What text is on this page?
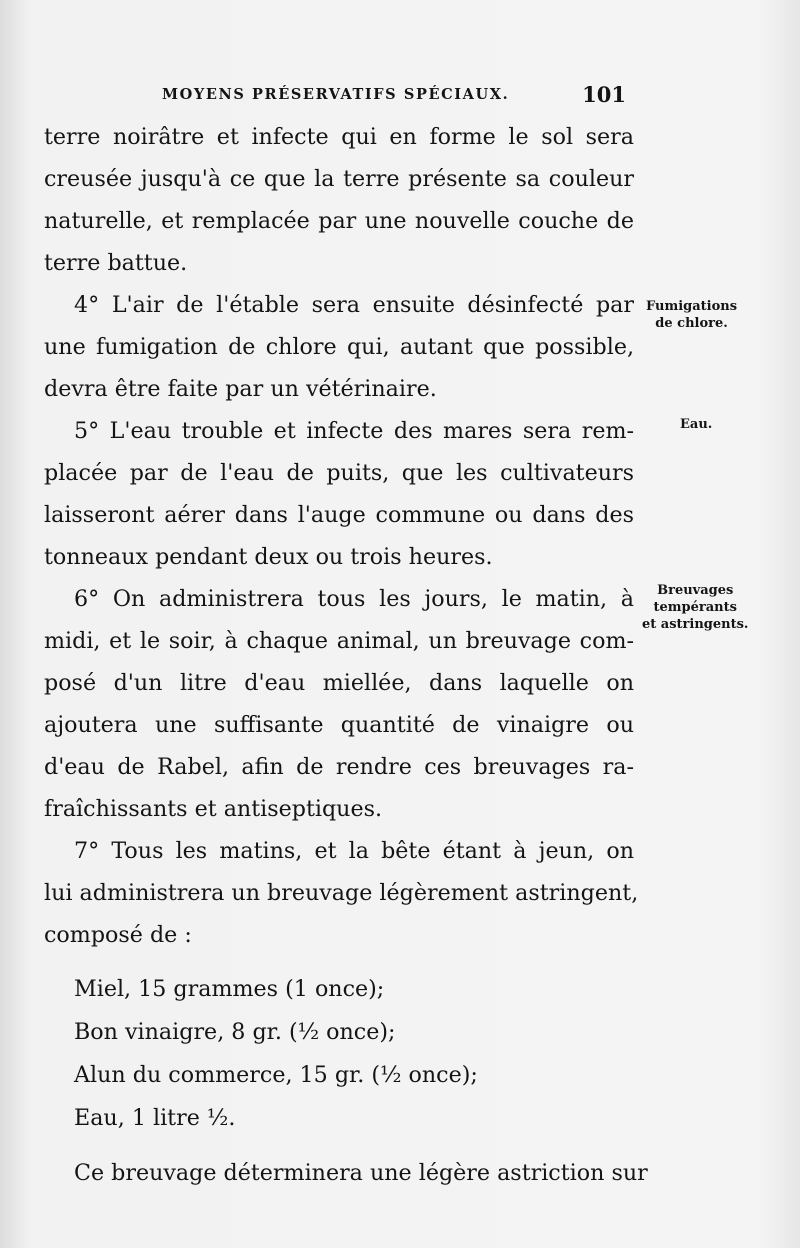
MOYENS PRÉSERVATIFS SPÉCIAUX.	101
terre noirâtre et infecte qui en forme le sol sera
creusée jusqu'à ce que la terre présente sa couleur
naturelle, et remplacée par une nouvelle couche de
terre battue.
4° L'air de l'étable sera ensuite désinfecté par
une fumigation de chlore qui, autant que possible,
devra être faite par un vétérinaire.
5° L'eau trouble et infecte des mares sera rem-
placée par de l'eau de puits, que les cultivateurs
laisseront aérer dans l'auge commune ou dans des
tonneaux pendant deux ou trois heures.
6° On administrera tous les jours, le matin, à
midi, et le soir, à chaque animal, un breuvage com-
posé d'un litre d'eau miellée, dans laquelle on
ajoutera une suffisante quantité de vinaigre ou
d'eau de Rabel, afin de rendre ces breuvages ra-
fraîchissants et antiseptiques.
7° Tous les matins, et la bête étant à jeun, on
lui administrera un breuvage légèrement astringent,
composé de :
Miel, 15 grammes (1 once);
Bon vinaigre, 8 gr. (½ once);
Alun du commerce, 15 gr. (½ once);
Eau, 1 litre ½.
Ce breuvage déterminera une légère astriction sur
Fumigations
de chlore.
Eau.
Breuvages
tempérants
et astringents.
